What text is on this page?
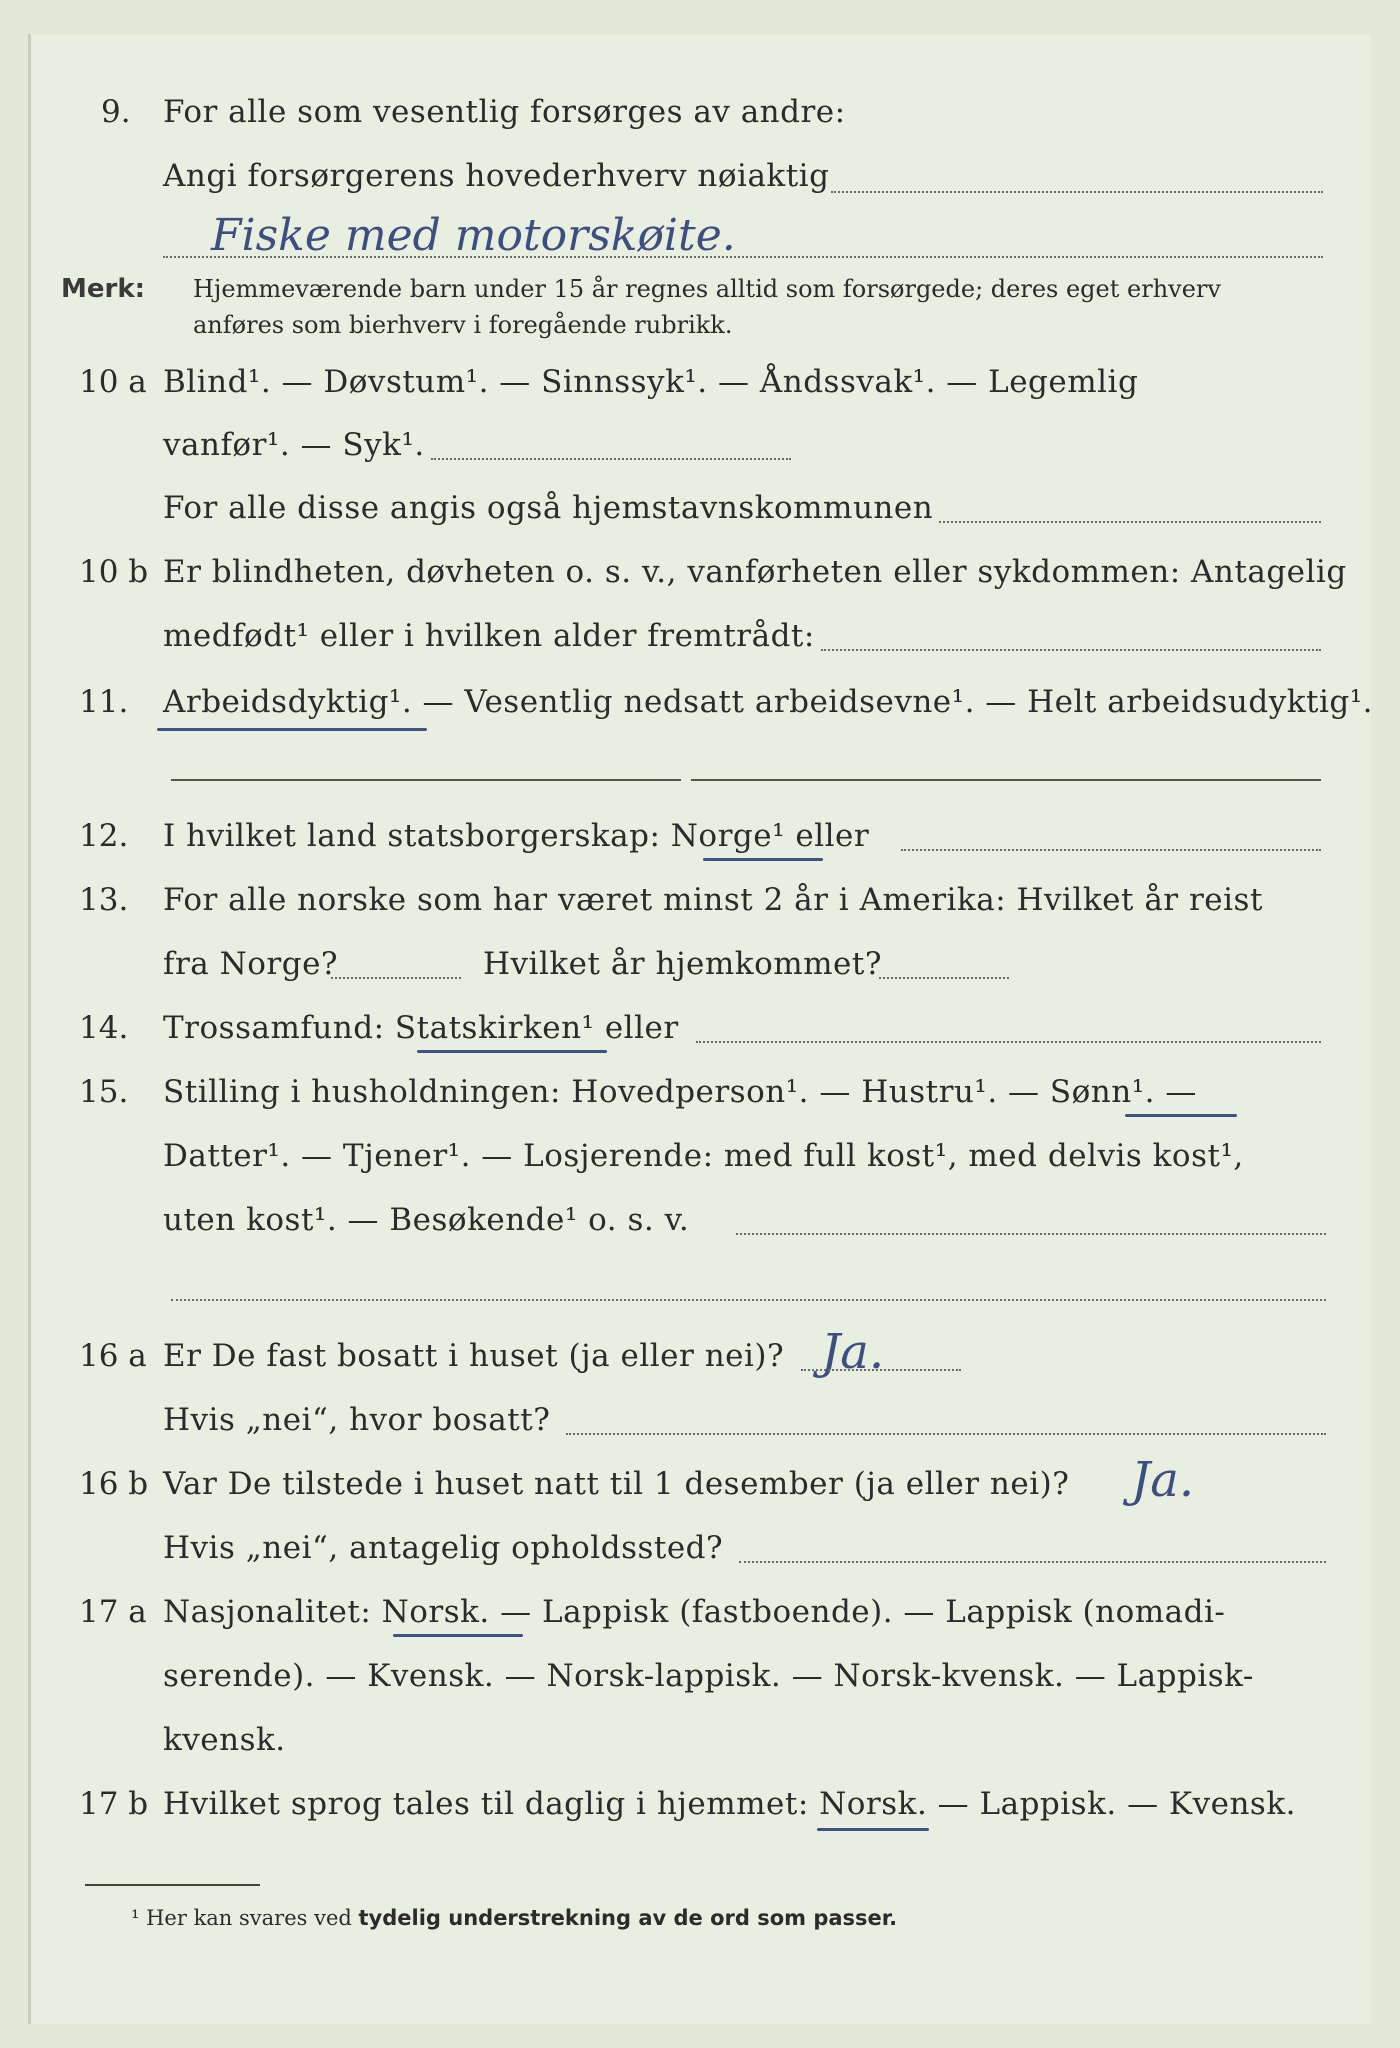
9. For alle som vesentlig forsørges av andre:
Angi forsørgerens hovederhverv nøiaktig
Fiske med motorskøite.
Merk: Hjemmeværende barn under 15 år regnes alltid som forsørgede; deres eget erhverv
anføres som bierhverv i foregående rubrikk.
10 a Blind¹. — Døvstum¹. — Sinnssyk¹. — Åndssvak¹. — Legemlig
vanfør¹. — Syk¹.
For alle disse angis også hjemstavnskommunen
10 b Er blindheten, døvheten o. s. v., vanførheten eller sykdommen: Antagelig
medfødt¹ eller i hvilken alder fremtrådt:
11. Arbeidsdyktig¹. — Vesentlig nedsatt arbeidsevne¹. — Helt arbeidsudyktig¹.
12. I hvilket land statsborgerskap: Norge¹ eller
13. For alle norske som har været minst 2 år i Amerika: Hvilket år reist
fra Norge?	Hvilket år hjemkommet?
14. Trossamfund: Statskirken¹ eller
15. Stilling i husholdningen: Hovedperson¹. — Hustru¹. — Sønn¹. —
Datter¹. — Tjener¹. — Losjerende: med full kost¹, med delvis kost¹,
uten kost¹. — Besøkende¹ o. s. v.
16 a Er De fast bosatt i huset (ja eller nei)? Ja.
Hvis „nei“, hvor bosatt?
16 b Var De tilstede i huset natt til 1 desember (ja eller nei)? Ja.
Hvis „nei“, antagelig opholdssted?
17 a Nasjonalitet: Norsk. — Lappisk (fastboende). — Lappisk (nomadi-
serende). — Kvensk. — Norsk-lappisk. — Norsk-kvensk. — Lappisk-
kvensk.
17 b Hvilket sprog tales til daglig i hjemmet: Norsk. — Lappisk. — Kvensk.
¹ Her kan svares ved tydelig understrekning av de ord som passer.
